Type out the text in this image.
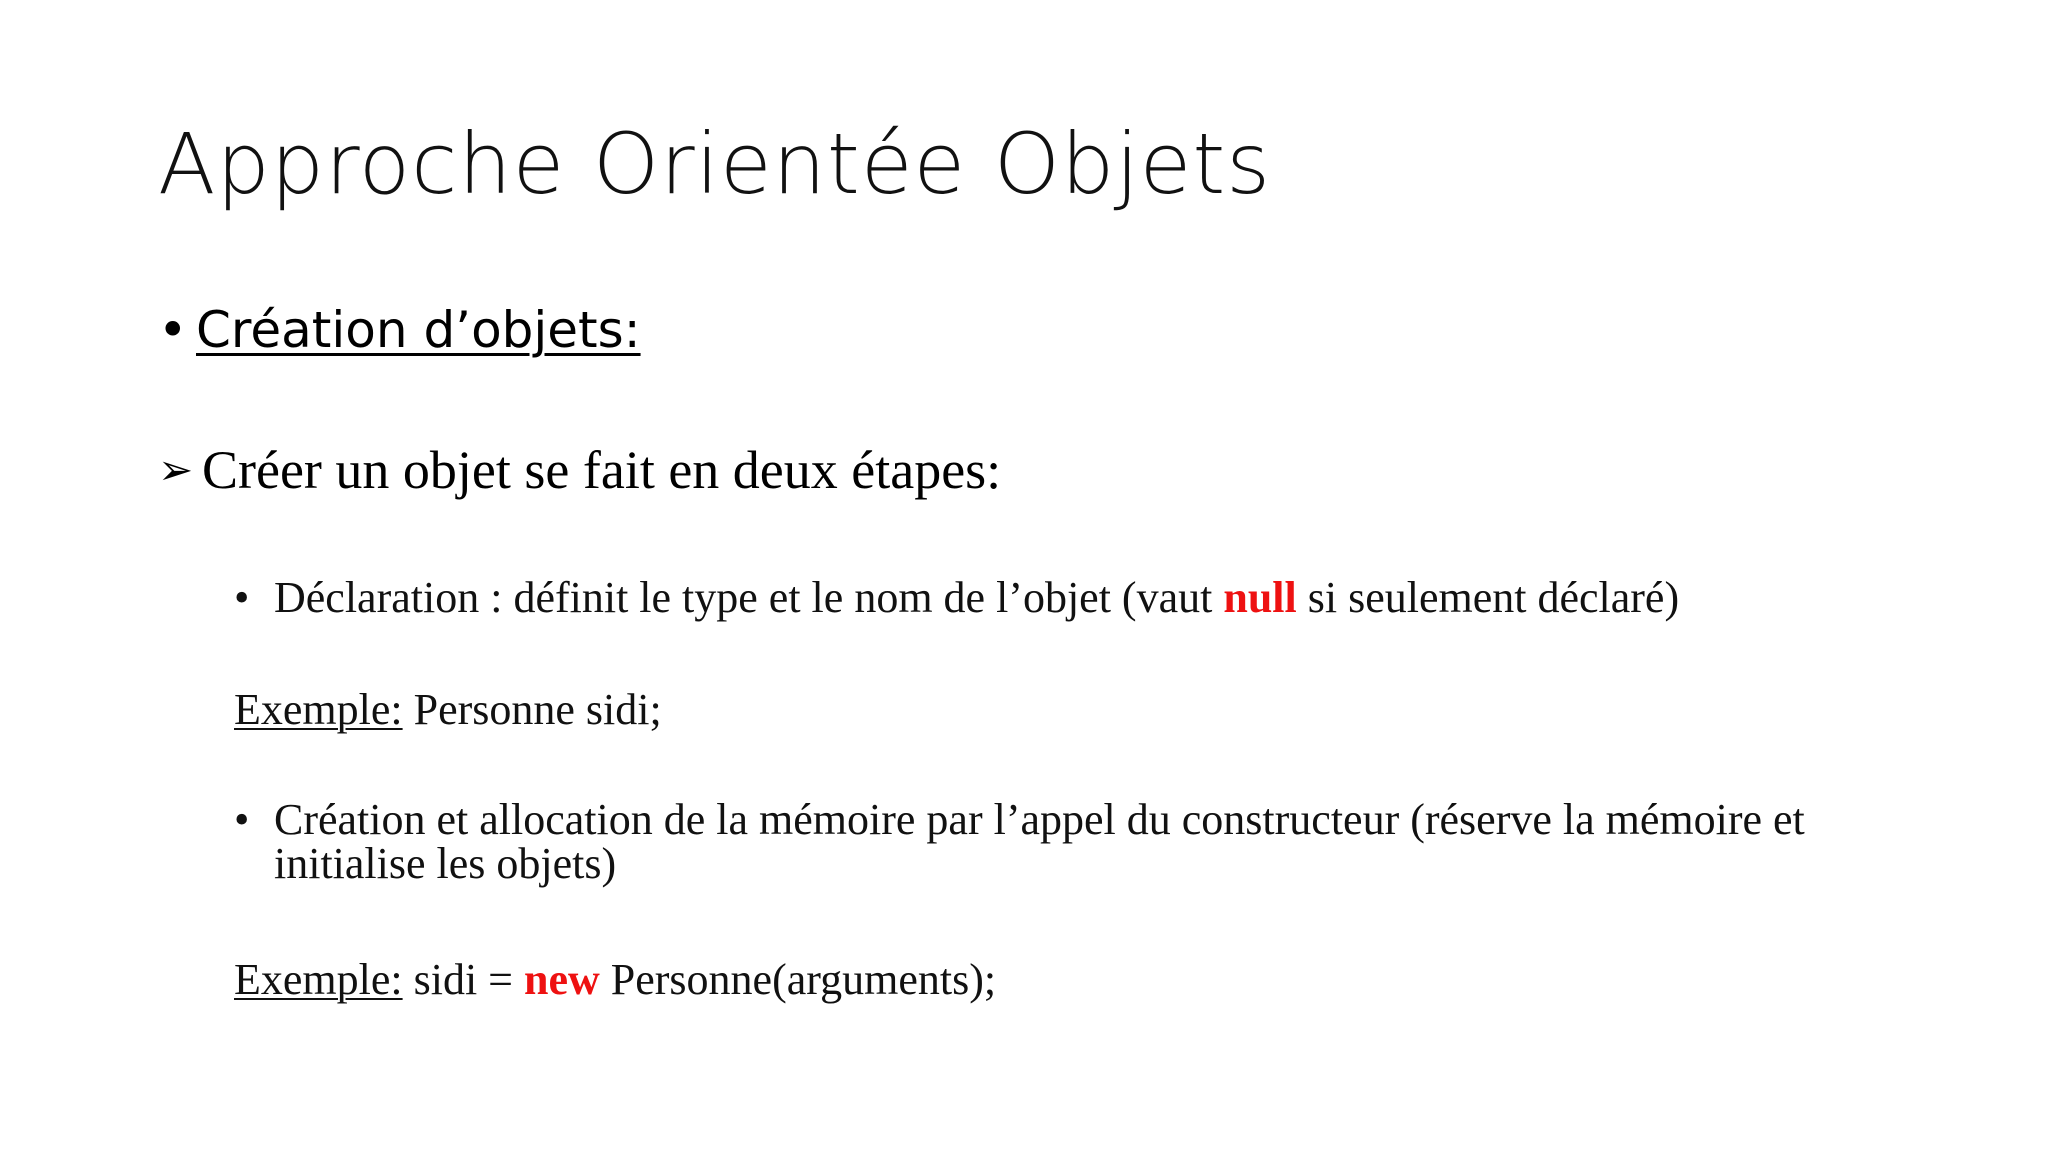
Approche Orientée Objets
• Création d’objets:
➢ Créer un objet se fait en deux étapes:
• Déclaration : définit le type et le nom de l’objet (vaut null si seulement déclaré)
Exemple: Personne sidi;
• Création et allocation de la mémoire par l’appel du constructeur (réserve la mémoire et initialise les objets)
Exemple: sidi = new Personne(arguments);
